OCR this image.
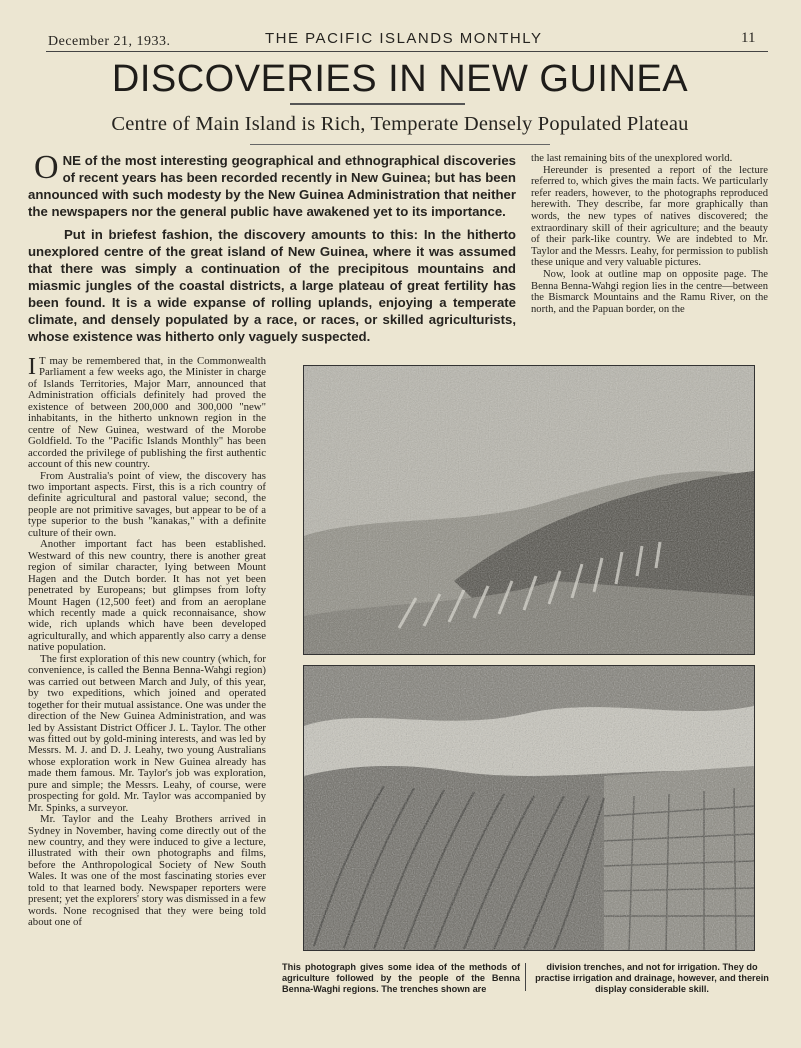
December 21, 1933.	THE PACIFIC ISLANDS MONTHLY	11
DISCOVERIES IN NEW GUINEA
Centre of Main Island is Rich, Temperate Densely Populated Plateau

ONE of the most interesting geographical and ethnographical discoveries of recent years has been recorded recently in New Guinea; but has been announced with such modesty by the New Guinea Administration that neither the newspapers nor the general public have awakened yet to its importance.

Put in briefest fashion, the discovery amounts to this: In the hitherto unexplored centre of the great island of New Guinea, where it was assumed that there was simply a continuation of the precipitous mountains and miasmic jungles of the coastal districts, a large plateau of great fertility has been found. It is a wide expanse of rolling uplands, enjoying a temperate climate, and densely populated by a race, or races, or skilled agriculturists, whose existence was hitherto only vaguely suspected.

the last remaining bits of the unexplored world.

Hereunder is presented a report of the lecture referred to, which gives the main facts. We particularly refer readers, however, to the photographs reproduced herewith. They describe, far more graphically than words, the new types of natives discovered; the extraordinary skill of their agriculture; and the beauty of their park-like country. We are indebted to Mr. Taylor and the Messrs. Leahy, for permission to publish these unique and very valuable pictures.

Now, look at outline map on opposite page. The Benna Benna-Wahgi region lies in the centre—between the Bismarck Mountains and the Ramu River, on the north, and the Papuan border, on the

I T may be remembered that, in the Commonwealth Parliament a few weeks ago, the Minister in charge of Islands Territories, Major Marr, announced that Administration officials definitely had proved the existence of between 200,000 and 300,000 "new" inhabitants, in the hitherto unknown region in the centre of New Guinea, westward of the Morobe Goldfield. To the "Pacific Islands Monthly" has been accorded the privilege of publishing the first authentic account of this new country.

From Australia's point of view, the discovery has two important aspects. First, this is a rich country of definite agricultural and pastoral value; second, the people are not primitive savages, but appear to be of a type superior to the bush "kanakas," with a definite culture of their own.

Another important fact has been established. Westward of this new country, there is another great region of similar character, lying between Mount Hagen and the Dutch border. It has not yet been penetrated by Europeans; but glimpses from lofty Mount Hagen (12,500 feet) and from an aeroplane which recently made a quick reconnaisance, show wide, rich uplands which have been developed agriculturally, and which apparently also carry a dense native population.

The first exploration of this new country (which, for convenience, is called the Benna Benna-Wahgi region) was carried out between March and July, of this year, by two expeditions, which joined and operated together for their mutual assistance. One was under the direction of the New Guinea Administration, and was led by Assistant District Officer J. L. Taylor. The other was fitted out by gold-mining interests, and was led by Messrs. M. J. and D. J. Leahy, two young Australians whose exploration work in New Guinea already has made them famous. Mr. Taylor's job was exploration, pure and simple; the Messrs. Leahy, of course, were prospecting for gold. Mr. Taylor was accompanied by Mr. Spinks, a surveyor.

Mr. Taylor and the Leahy Brothers arrived in Sydney in November, having come directly out of the new country, and they were induced to give a lecture, illustrated with their own photographs and films, before the Anthropological Society of New South Wales. It was one of the most fascinating stories ever told to that learned body. Newspaper reporters were present; yet the explorers' story was dismissed in a few words. None recognised that they were being told about one of

This photograph gives some idea of the methods of agriculture followed by the people of the Benna Benna-Waghi regions. The trenches shown are
division trenches, and not for irrigation. They do practise irrigation and drainage, however, and therein display considerable skill.
